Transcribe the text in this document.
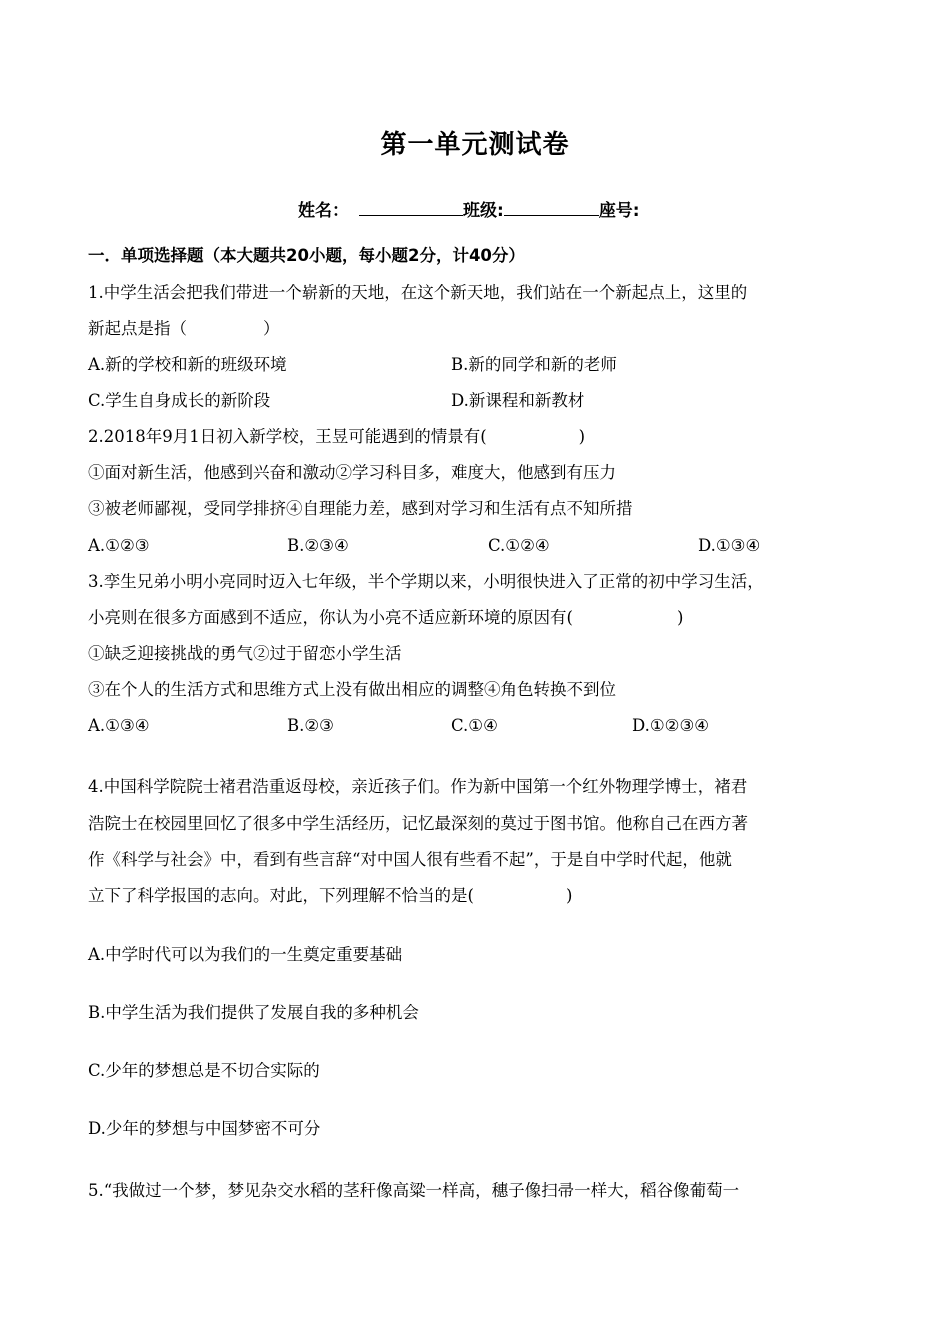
第一单元测试卷
姓名：	班级:	座号:
一．单项选择题（本大题共20小题，每小题2分，计40分）
1.中学生活会把我们带进一个崭新的天地，在这个新天地，我们站在一个新起点上，这里的
新起点是指（	）
A.新的学校和新的班级环境	B.新的同学和新的老师
C.学生自身成长的新阶段	D.新课程和新教材
2.2018年9月1日初入新学校，王昱可能遇到的情景有(	)
①面对新生活，他感到兴奋和激动②学习科目多，难度大，他感到有压力
③被老师鄙视，受同学排挤④自理能力差，感到对学习和生活有点不知所措
A.①②③	B.②③④	C.①②④	D.①③④
3.孪生兄弟小明小亮同时迈入七年级，半个学期以来，小明很快进入了正常的初中学习生活，
小亮则在很多方面感到不适应，你认为小亮不适应新环境的原因有(	)
①缺乏迎接挑战的勇气②过于留恋小学生活
③在个人的生活方式和思维方式上没有做出相应的调整④角色转换不到位
A.①③④	B.②③	C.①④	D.①②③④
4.中国科学院院士褚君浩重返母校，亲近孩子们。作为新中国第一个红外物理学博士，褚君
浩院士在校园里回忆了很多中学生活经历，记忆最深刻的莫过于图书馆。他称自己在西方著
作《科学与社会》中，看到有些言辞“对中国人很有些看不起”，于是自中学时代起，他就
立下了科学报国的志向。对此，下列理解不恰当的是(	)
A.中学时代可以为我们的一生奠定重要基础
B.中学生活为我们提供了发展自我的多种机会
C.少年的梦想总是不切合实际的
D.少年的梦想与中国梦密不可分
5.“我做过一个梦，梦见杂交水稻的茎秆像高粱一样高，穗子像扫帚一样大，稻谷像葡萄一
